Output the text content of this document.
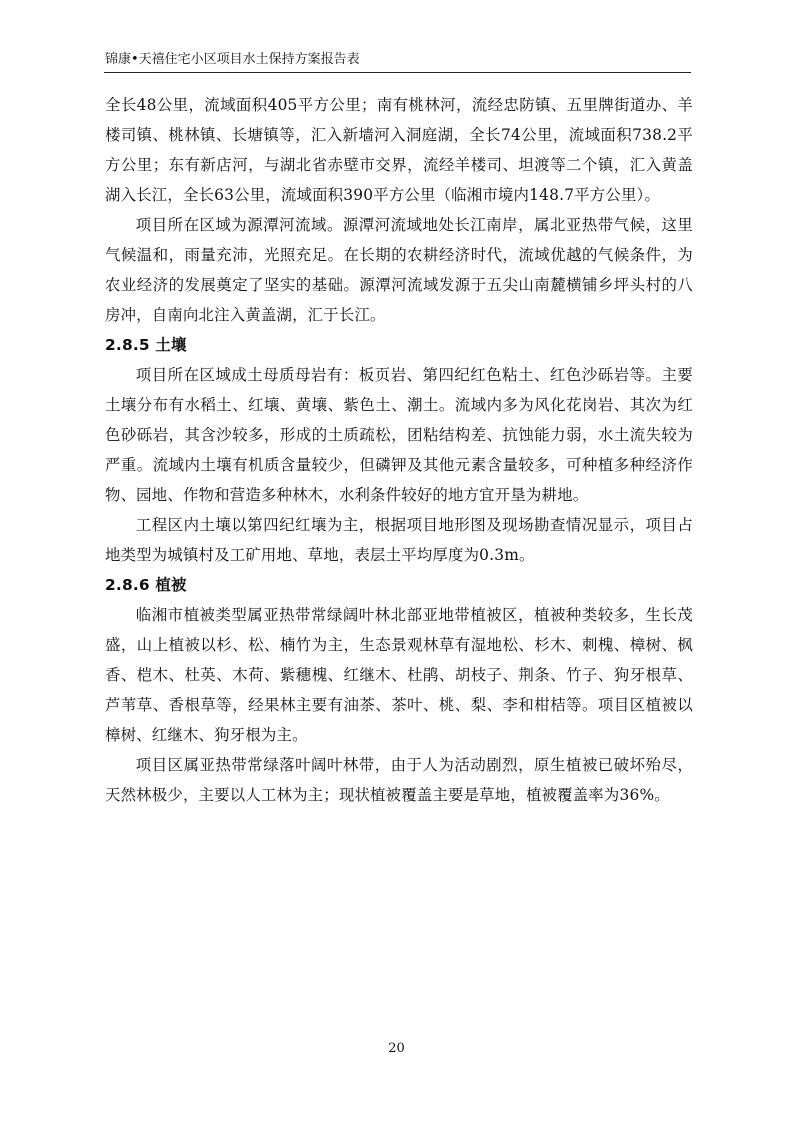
锦康•天禧住宅小区项目水土保持方案报告表

全长48公里，流域面积405平方公里；南有桃林河，流经忠防镇、五里牌街道办、羊楼司镇、桃林镇、长塘镇等，汇入新墙河入洞庭湖，全长74公里，流域面积738.2平方公里；东有新店河，与湖北省赤壁市交界，流经羊楼司、坦渡等二个镇，汇入黄盖湖入长江，全长63公里，流域面积390平方公里（临湘市境内148.7平方公里）。

项目所在区域为源潭河流域。源潭河流域地处长江南岸，属北亚热带气候，这里气候温和，雨量充沛，光照充足。在长期的农耕经济时代，流域优越的气候条件，为农业经济的发展奠定了坚实的基础。源潭河流域发源于五尖山南麓横铺乡坪头村的八房冲，自南向北注入黄盖湖，汇于长江。

2.8.5 土壤

项目所在区域成土母质母岩有：板页岩、第四纪红色粘土、红色沙砾岩等。主要土壤分布有水稻土、红壤、黄壤、紫色土、潮土。流域内多为风化花岗岩、其次为红色砂砾岩，其含沙较多，形成的土质疏松，团粘结构差、抗蚀能力弱，水土流失较为严重。流域内土壤有机质含量较少，但磷钾及其他元素含量较多，可种植多种经济作物、园地、作物和营造多种林木，水利条件较好的地方宜开垦为耕地。

工程区内土壤以第四纪红壤为主，根据项目地形图及现场勘查情况显示，项目占地类型为城镇村及工矿用地、草地，表层土平均厚度为0.3m。

2.8.6 植被

临湘市植被类型属亚热带常绿阔叶林北部亚地带植被区，植被种类较多，生长茂盛，山上植被以杉、松、楠竹为主，生态景观林草有湿地松、杉木、刺槐、樟树、枫香、桤木、杜英、木荷、紫穗槐、红继木、杜鹃、胡枝子、荆条、竹子、狗牙根草、芦苇草、香根草等，经果林主要有油茶、茶叶、桃、梨、李和柑桔等。项目区植被以樟树、红继木、狗牙根为主。

项目区属亚热带常绿落叶阔叶林带，由于人为活动剧烈，原生植被已破坏殆尽，天然林极少，主要以人工林为主；现状植被覆盖主要是草地，植被覆盖率为36%。

20
